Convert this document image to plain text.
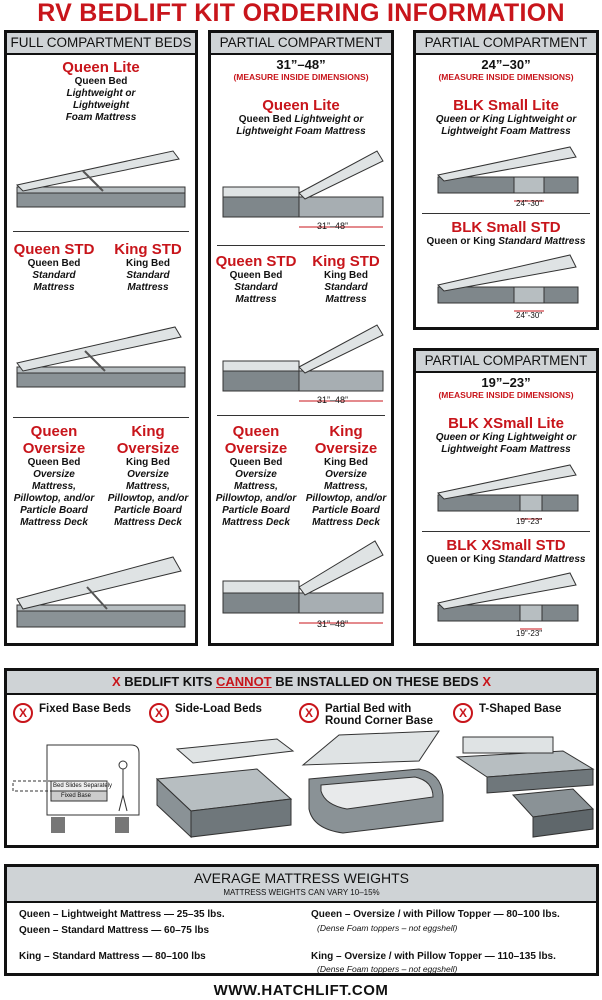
RV BEDLIFT KIT ORDERING INFORMATION
FULL COMPARTMENT BEDS
Queen Lite
Queen Bed
Lightweight or
Lightweight
Foam Mattress
Queen STD
Queen Bed
Standard
Mattress
King STD
King Bed
Standard
Mattress
Queen
Oversize
Queen Bed
Oversize
Mattress,
Pillowtop, and/or
Particle Board
Mattress Deck
King
Oversize
King Bed
Oversize
Mattress,
Pillowtop, and/or
Particle Board
Mattress Deck
PARTIAL COMPARTMENT
31”–48”
(MEASURE INSIDE DIMENSIONS)
Queen Lite
Queen Bed Lightweight or
Lightweight Foam Mattress
31”–48”
Queen STD
Queen Bed
Standard
Mattress
King STD
King Bed
Standard
Mattress
31”–48”
Queen
Oversize
Queen Bed
Oversize
Mattress,
Pillowtop, and/or
Particle Board
Mattress Deck
King
Oversize
King Bed
Oversize
Mattress,
Pillowtop, and/or
Particle Board
Mattress Deck
31”–48”
PARTIAL COMPARTMENT
24”–30”
(MEASURE INSIDE DIMENSIONS)
BLK Small Lite
Queen or King Lightweight or
Lightweight Foam Mattress
24"-30"
BLK Small STD
Queen or King Standard Mattress
24"-30"
PARTIAL COMPARTMENT
19”–23”
(MEASURE INSIDE DIMENSIONS)
BLK XSmall Lite
Queen or King Lightweight or
Lightweight Foam Mattress
19"-23"
BLK XSmall STD
Queen or King Standard Mattress
19"-23"
X BEDLIFT KITS CANNOT BE INSTALLED ON THESE BEDS X
X	Fixed Base Beds	X	Side-Load Beds	X	Partial Bed with
Round Corner Base
X	T-Shaped Base
Bed Slides Separately
Fixed Base
AVERAGE MATTRESS WEIGHTS
MATTRESS WEIGHTS CAN VARY 10–15%
Queen – Lightweight Mattress — 25–35 lbs.
Queen – Standard Mattress — 60–75 lbs
King – Standard Mattress — 80–100 lbs
Queen – Oversize / with Pillow Topper — 80–100 lbs.
(Dense Foam toppers – not eggshell)
King – Oversize / with Pillow Topper — 110–135 lbs.
(Dense Foam toppers – not eggshell)
WWW.HATCHLIFT.COM
